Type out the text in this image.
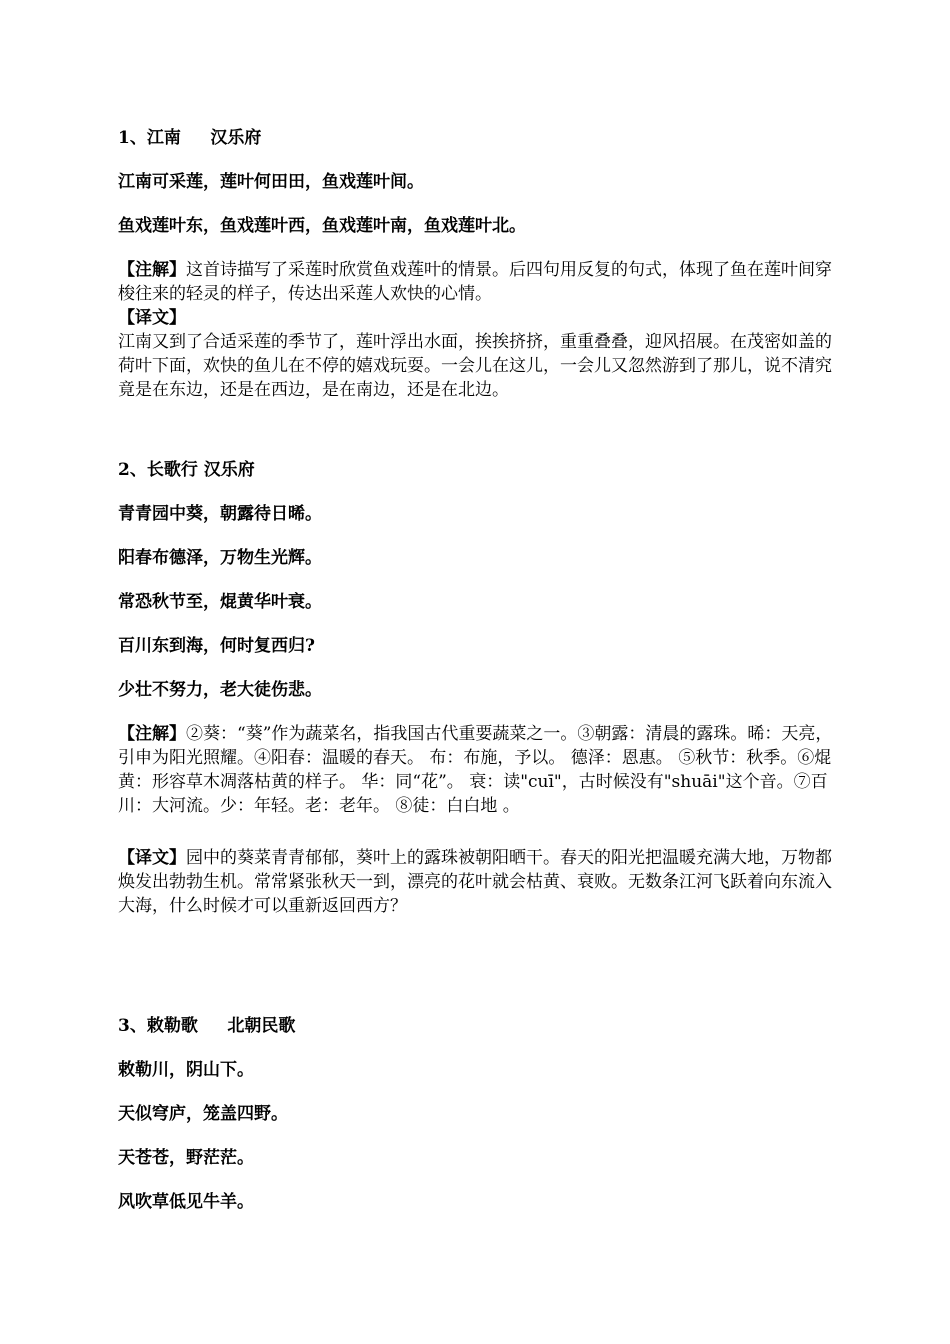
1、江南     汉乐府
江南可采莲，莲叶何田田，鱼戏莲叶间。
鱼戏莲叶东，鱼戏莲叶西，鱼戏莲叶南，鱼戏莲叶北。
【注解】这首诗描写了采莲时欣赏鱼戏莲叶的情景。后四句用反复的句式，体现了鱼在莲叶间穿梭往来的轻灵的样子，传达出采莲人欢快的心情。
【译文】
江南又到了合适采莲的季节了，莲叶浮出水面，挨挨挤挤，重重叠叠，迎风招展。在茂密如盖的荷叶下面，欢快的鱼儿在不停的嬉戏玩耍。一会儿在这儿，一会儿又忽然游到了那儿，说不清究竟是在东边，还是在西边，是在南边，还是在北边。
2、长歌行 汉乐府
青青园中葵，朝露待日晞。
阳春布德泽，万物生光辉。
常恐秋节至，焜黄华叶衰。
百川东到海，何时复西归?
少壮不努力，老大徒伤悲。
【注解】②葵：“葵”作为蔬菜名，指我国古代重要蔬菜之一。③朝露：清晨的露珠。晞：天亮，引申为阳光照耀。④阳春：温暖的春天。 布：布施，予以。 德泽：恩惠。 ⑤秋节：秋季。⑥焜黄：形容草木凋落枯黄的样子。 华：同“花”。 衰：读"cuī"，古时候没有"shuāi"这个音。⑦百川：大河流。少：年轻。老：老年。 ⑧徒：白白地 。
【译文】园中的葵菜青青郁郁，葵叶上的露珠被朝阳晒干。春天的阳光把温暖充满大地，万物都焕发出勃勃生机。常常紧张秋天一到，漂亮的花叶就会枯黄、衰败。无数条江河飞跃着向东流入大海，什么时候才可以重新返回西方？
3、敕勒歌     北朝民歌
敕勒川，阴山下。
天似穹庐，笼盖四野。
天苍苍，野茫茫。
风吹草低见牛羊。
